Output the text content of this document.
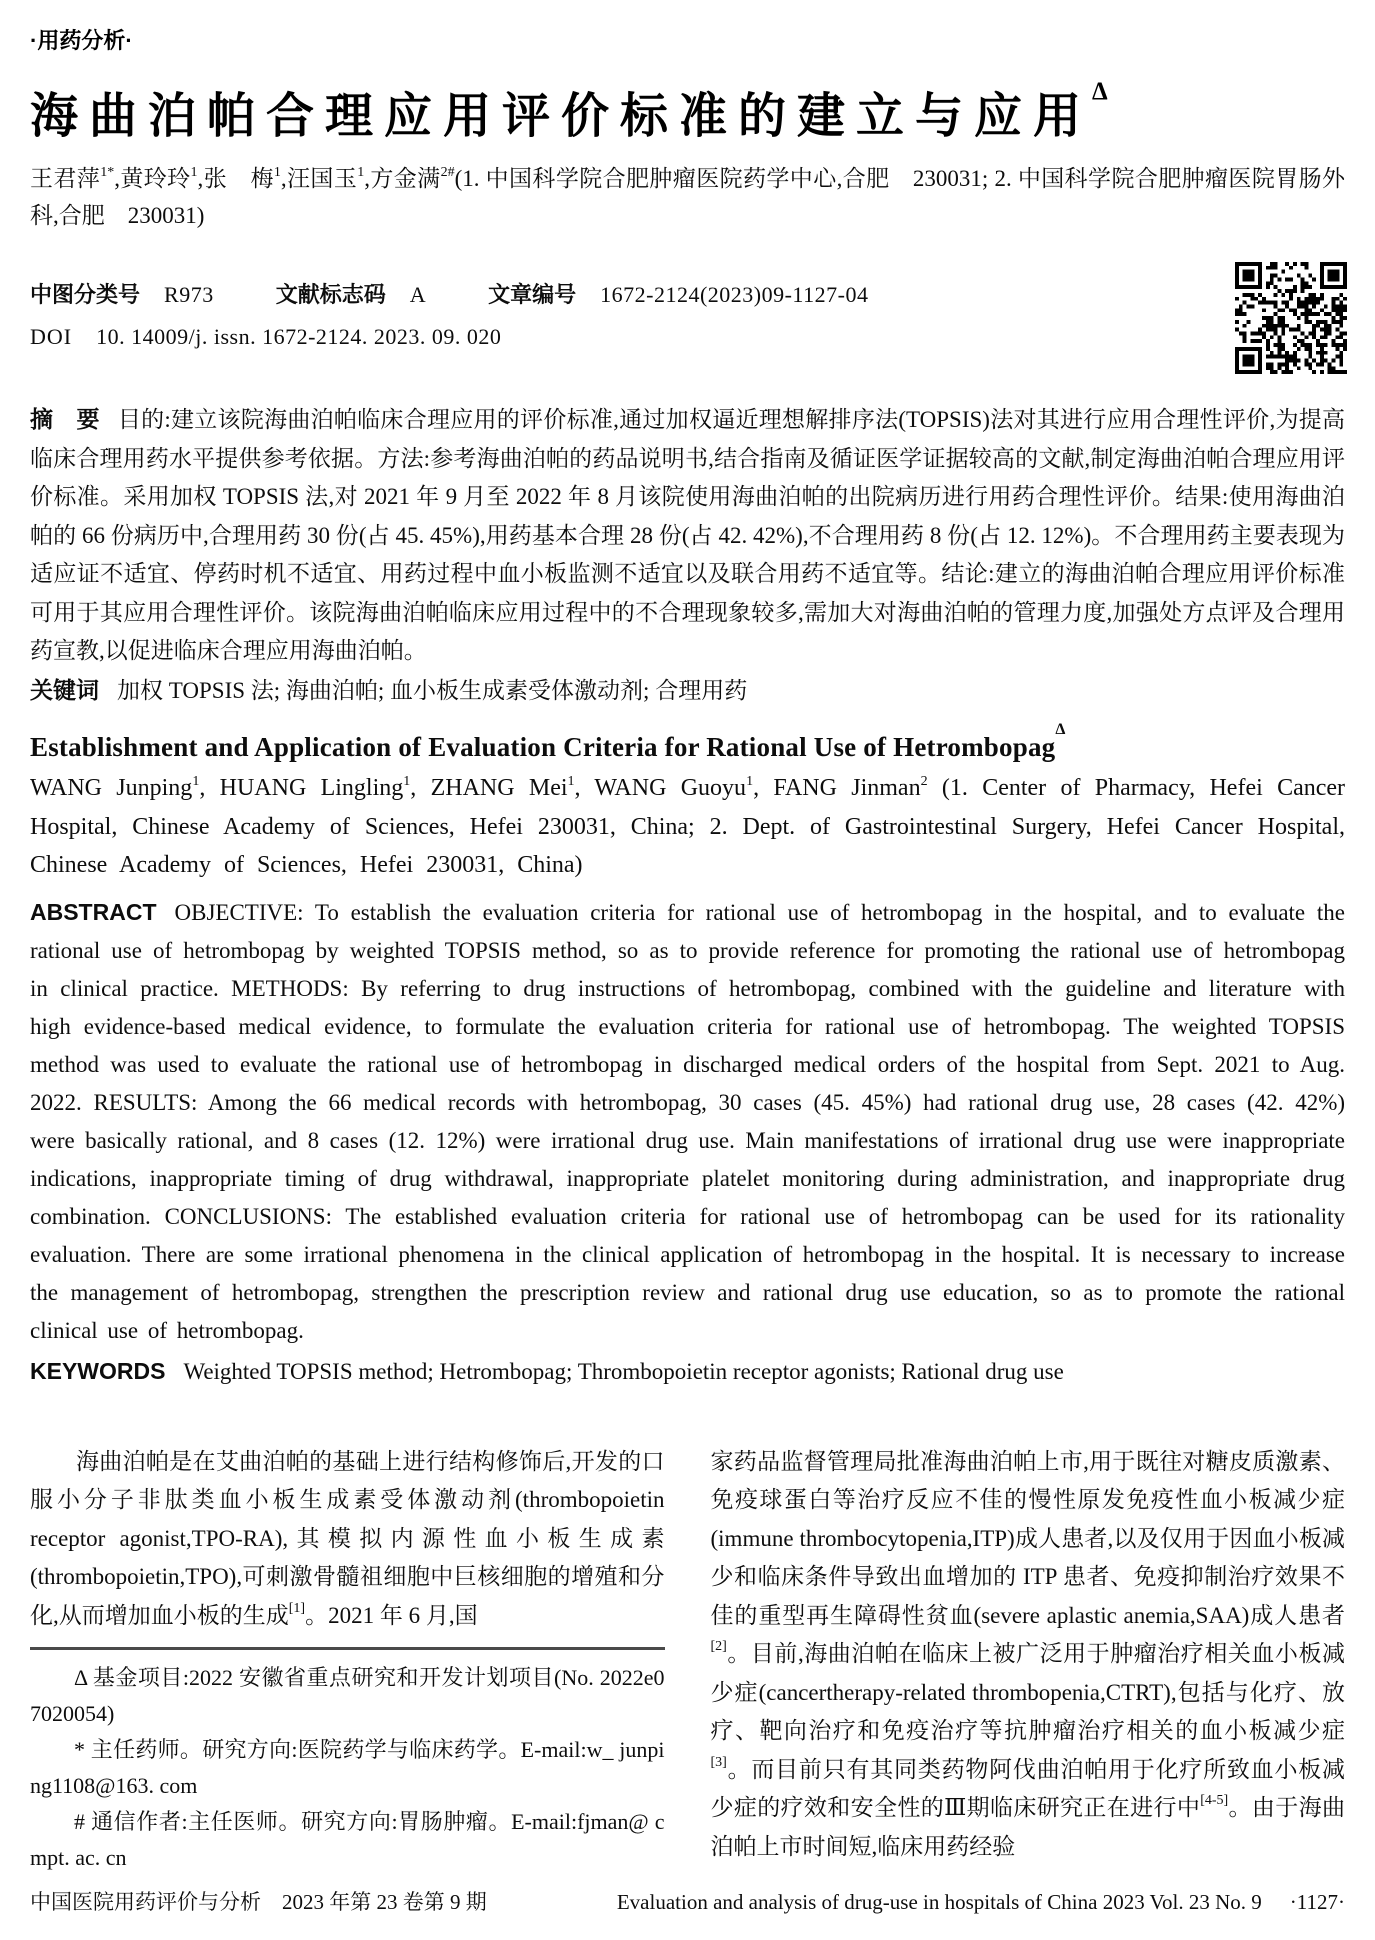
·用药分析·
海曲泊帕合理应用评价标准的建立与应用$^\Delta$

王君萍$^{1*}$,黄玲玲$^1$,张　梅$^1$,汪国玉$^1$,方金满$^{2\#}$(1. 中国科学院合肥肿瘤医院药学中心,合肥　230031; 2. 中国科学院合肥肿瘤医院胃肠外科,合肥　230031)

中图分类号 R973	文献标志码 A	文章编号 1672-2124(2023)09-1127-04
DOI 10. 14009/j. issn. 1672-2124. 2023. 09. 020

摘　要 目的:建立该院海曲泊帕临床合理应用的评价标准,通过加权逼近理想解排序法(TOPSIS)法对其进行应用合理性评价,为提高临床合理用药水平提供参考依据。方法:参考海曲泊帕的药品说明书,结合指南及循证医学证据较高的文献,制定海曲泊帕合理应用评价标准。采用加权 TOPSIS 法,对 2021 年 9 月至 2022 年 8 月该院使用海曲泊帕的出院病历进行用药合理性评价。结果:使用海曲泊帕的 66 份病历中,合理用药 30 份(占 45. 45%),用药基本合理 28 份(占 42. 42%),不合理用药 8 份(占 12. 12%)。不合理用药主要表现为适应证不适宜、停药时机不适宜、用药过程中血小板监测不适宜以及联合用药不适宜等。结论:建立的海曲泊帕合理应用评价标准可用于其应用合理性评价。该院海曲泊帕临床应用过程中的不合理现象较多,需加大对海曲泊帕的管理力度,加强处方点评及合理用药宣教,以促进临床合理应用海曲泊帕。

关键词 加权 TOPSIS 法; 海曲泊帕; 血小板生成素受体激动剂; 合理用药

Establishment and Application of Evaluation Criteria for Rational Use of Hetrombopag$^\Delta$

WANG Junping$^1$, HUANG Lingling$^1$, ZHANG Mei$^1$, WANG Guoyu$^1$, FANG Jinman$^2$ (1. Center of Pharmacy, Hefei Cancer Hospital, Chinese Academy of Sciences, Hefei 230031, China; 2. Dept. of Gastrointestinal Surgery, Hefei Cancer Hospital, Chinese Academy of Sciences, Hefei 230031, China)

ABSTRACT OBJECTIVE: To establish the evaluation criteria for rational use of hetrombopag in the hospital, and to evaluate the rational use of hetrombopag by weighted TOPSIS method, so as to provide reference for promoting the rational use of hetrombopag in clinical practice. METHODS: By referring to drug instructions of hetrombopag, combined with the guideline and literature with high evidence-based medical evidence, to formulate the evaluation criteria for rational use of hetrombopag. The weighted TOPSIS method was used to evaluate the rational use of hetrombopag in discharged medical orders of the hospital from Sept. 2021 to Aug. 2022. RESULTS: Among the 66 medical records with hetrombopag, 30 cases (45. 45%) had rational drug use, 28 cases (42. 42%) were basically rational, and 8 cases (12. 12%) were irrational drug use. Main manifestations of irrational drug use were inappropriate indications, inappropriate timing of drug withdrawal, inappropriate platelet monitoring during administration, and inappropriate drug combination. CONCLUSIONS: The established evaluation criteria for rational use of hetrombopag can be used for its rationality evaluation. There are some irrational phenomena in the clinical application of hetrombopag in the hospital. It is necessary to increase the management of hetrombopag, strengthen the prescription review and rational drug use education, so as to promote the rational clinical use of hetrombopag.

KEYWORDS Weighted TOPSIS method; Hetrombopag; Thrombopoietin receptor agonists; Rational drug use

海曲泊帕是在艾曲泊帕的基础上进行结构修饰后,开发的口服小分子非肽类血小板生成素受体激动剂(thrombopoietin receptor agonist,TPO-RA),其模拟内源性血小板生成素(thrombopoietin,TPO),可刺激骨髓祖细胞中巨核细胞的增殖和分化,从而增加血小板的生成[1]。2021 年 6 月,国

Δ 基金项目:2022 安徽省重点研究和开发计划项目(No. 2022e07020054)

* 主任药师。研究方向:医院药学与临床药学。E-mail:w_ junping1108@163. com

# 通信作者:主任医师。研究方向:胃肠肿瘤。E-mail:fjman@ cmpt. ac. cn

家药品监督管理局批准海曲泊帕上市,用于既往对糖皮质激素、免疫球蛋白等治疗反应不佳的慢性原发免疫性血小板减少症(immune thrombocytopenia,ITP)成人患者,以及仅用于因血小板减少和临床条件导致出血增加的 ITP 患者、免疫抑制治疗效果不佳的重型再生障碍性贫血(severe aplastic anemia,SAA)成人患者[2]。目前,海曲泊帕在临床上被广泛用于肿瘤治疗相关血小板减少症(cancertherapy-related thrombopenia,CTRT),包括与化疗、放疗、靶向治疗和免疫治疗等抗肿瘤治疗相关的血小板减少症[3]。而目前只有其同类药物阿伐曲泊帕用于化疗所致血小板减少症的疗效和安全性的Ⅲ期临床研究正在进行中[4-5]。由于海曲泊帕上市时间短,临床用药经验

中国医院用药评价与分析　2023 年第 23 卷第 9 期	Evaluation and analysis of drug-use in hospitals of China 2023 Vol. 23 No. 9 ·1127·
